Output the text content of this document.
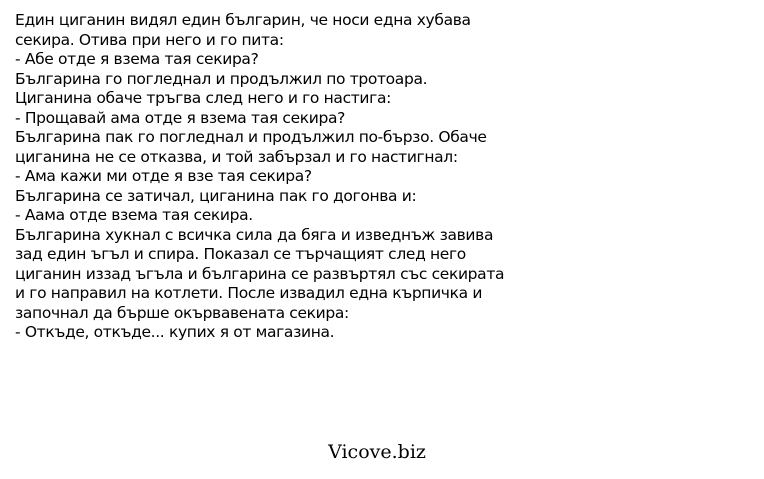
Един циганин видял един българин, че носи една хубава
секира. Отива при него и го пита:
- Абе отде я взема тая секира?
Българина го погледнал и продължил по тротоара.
Циганина обаче тръгва след него и го настига:
- Прощавай ама отде я взема тая секира?
Българина пак го погледнал и продължил по-бързо. Обаче
циганина не се отказва, и той забързал и го настигнал:
- Ама кажи ми отде я взе тая секира?
Българина се затичал, циганина пак го догонва и:
- Аама отде взема тая секира.
Българина хукнал с всичка сила да бяга и изведнъж завива
зад един ъгъл и спира. Показал се търчащият след него
циганин иззад ъгъла и българина се развъртял със секирата
и го направил на котлети. После извадил една кърпичка и
започнал да бърше окървавената секира:
- Откъде, откъде... купих я от магазина.
Vicove.biz
